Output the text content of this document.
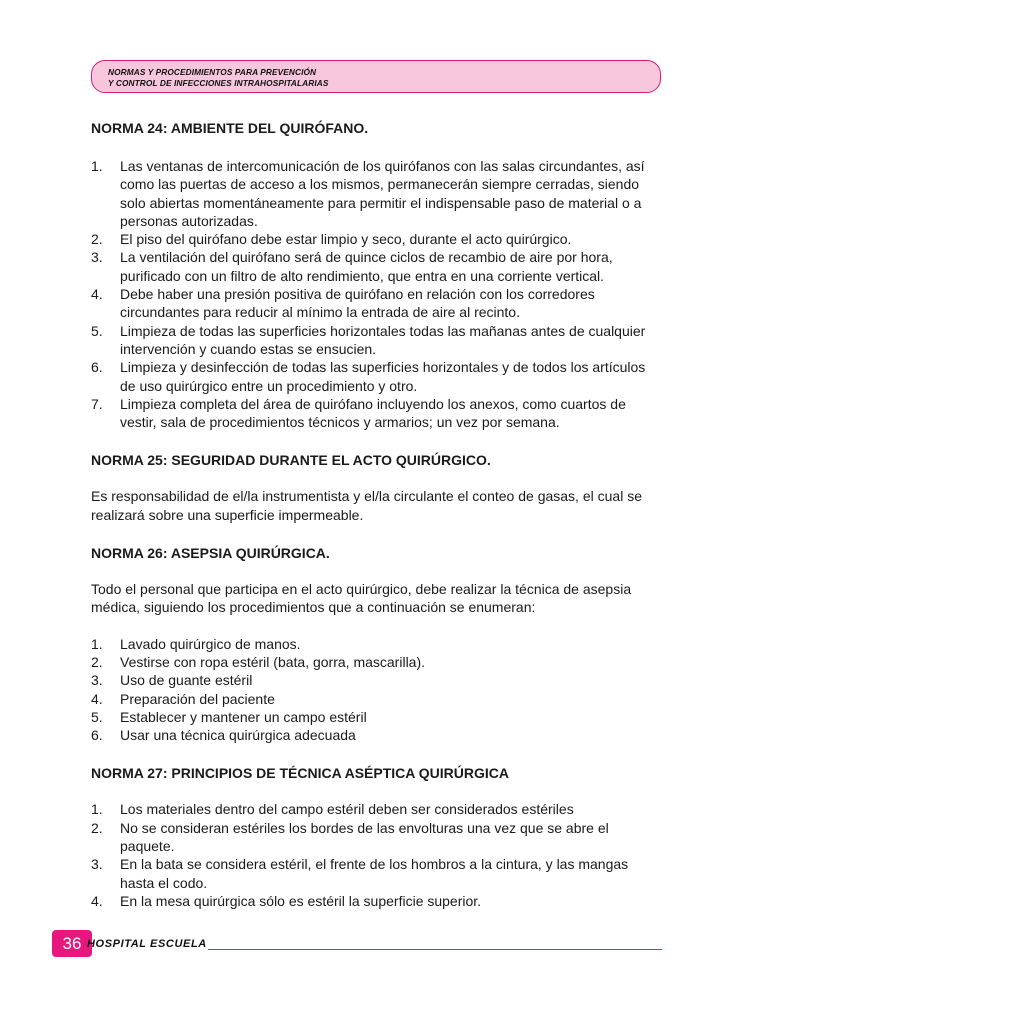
NORMAS Y PROCEDIMIENTOS PARA PREVENCIÓN
Y CONTROL DE INFECCIONES INTRAHOSPITALARIAS

NORMA 24: AMBIENTE DEL QUIRÓFANO.

1. Las ventanas de intercomunicación de los quirófanos con las salas circundantes, así
como las puertas de acceso a los mismos, permanecerán siempre cerradas, siendo
solo abiertas momentáneamente para permitir el indispensable paso de material o a
personas autorizadas.
2. El piso del quirófano debe estar limpio y seco, durante el acto quirúrgico.
3. La ventilación del quirófano será de quince ciclos de recambio de aire por hora,
purificado con un filtro de alto rendimiento, que entra en una corriente vertical.
4. Debe haber una presión positiva de quirófano en relación con los corredores
circundantes para reducir al mínimo la entrada de aire al recinto.
5. Limpieza de todas las superficies horizontales todas las mañanas antes de cualquier
intervención y cuando estas se ensucien.
6. Limpieza y desinfección de todas las superficies horizontales y de todos los artículos
de uso quirúrgico entre un procedimiento y otro.
7. Limpieza completa del área de quirófano incluyendo los anexos, como cuartos de
vestir, sala de procedimientos técnicos y armarios; un vez por semana.

NORMA 25: SEGURIDAD DURANTE EL ACTO QUIRÚRGICO.

Es responsabilidad de el/la instrumentista y el/la circulante el conteo de gasas, el cual se
realizará sobre una superficie impermeable.

NORMA 26: ASEPSIA QUIRÚRGICA.

Todo el personal que participa en el acto quirúrgico, debe realizar la técnica de asepsia
médica, siguiendo los procedimientos que a continuación se enumeran:

1. Lavado quirúrgico de manos.
2. Vestirse con ropa estéril (bata, gorra, mascarilla).
3. Uso de guante estéril
4. Preparación del paciente
5. Establecer y mantener un campo estéril
6. Usar una técnica quirúrgica adecuada

NORMA 27: PRINCIPIOS DE TÉCNICA ASÉPTICA QUIRÚRGICA

1. Los materiales dentro del campo estéril deben ser considerados estériles
2. No se consideran estériles los bordes de las envolturas una vez que se abre el
paquete.
3. En la bata se considera estéril, el frente de los hombros a la cintura, y las mangas
hasta el codo.
4. En la mesa quirúrgica sólo es estéril la superficie superior.
36 HOSPITAL ESCUELA
